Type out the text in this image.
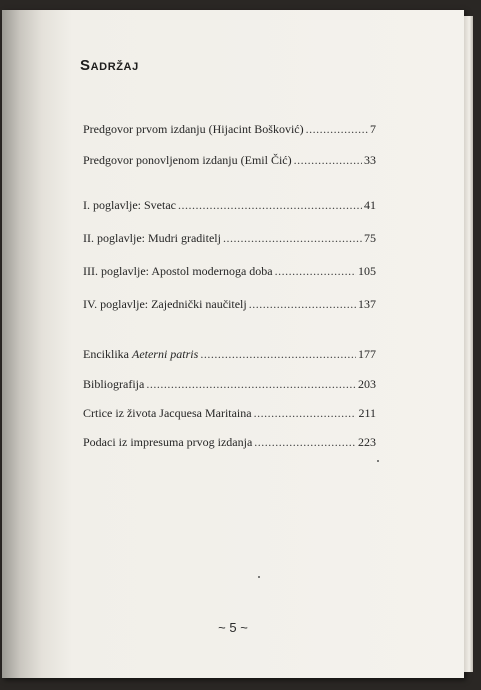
Sadržaj
Predgovor prvom izdanju (Hijacint Bošković) .....	7
Predgovor ponovljenom izdanju (Emil Čić) .....	33
I. poglavlje: Svetac .....	41
II. poglavlje: Mudri graditelj .....	75
III. poglavlje: Apostol modernoga doba .....	105
IV. poglavlje: Zajednički naučitelj .....	137
Enciklika Aeterni patris .....	177
Bibliografija .....	203
Crtice iz života Jacquesa Maritaina .....	211
Podaci iz impresuma prvog izdanja .....	223
~ 5 ~
